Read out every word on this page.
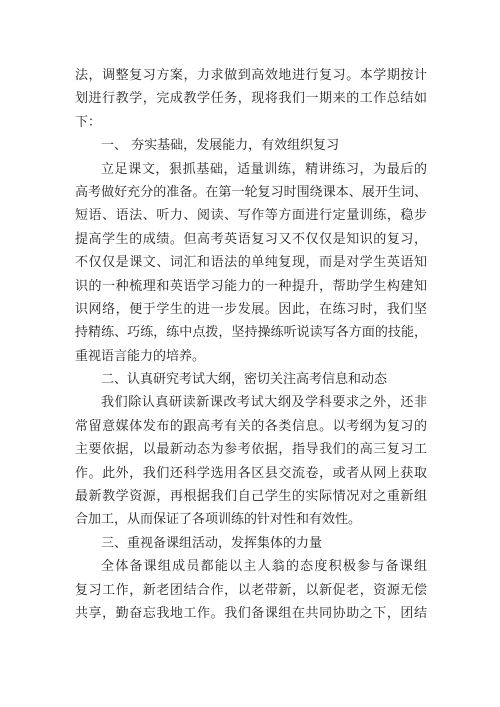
法，调整复习方案，力求做到高效地进行复习。本学期按计
划进行教学，完成教学任务，现将我们一期来的工作总结如
下：
一、 夯实基础，发展能力，有效组织复习
立足课文，狠抓基础，适量训练，精讲练习，为最后的
高考做好充分的准备。在第一轮复习时围绕课本、展开生词、
短语、语法、听力、阅读、写作等方面进行定量训练，稳步
提高学生的成绩。但高考英语复习又不仅仅是知识的复习，
不仅仅是课文、词汇和语法的单纯复现，而是对学生英语知
识的一种梳理和英语学习能力的一种提升，帮助学生构建知
识网络，便于学生的进一步发展。因此，在练习时，我们坚
持精练、巧练，练中点拨，坚持操练听说读写各方面的技能，
重视语言能力的培养。
二、认真研究考试大纲，密切关注高考信息和动态
我们除认真研读新课改考试大纲及学科要求之外，还非
常留意媒体发布的跟高考有关的各类信息。以考纲为复习的
主要依据，以最新动态为参考依据，指导我们的高三复习工
作。此外，我们还科学选用各区县交流卷，或者从网上获取
最新教学资源，再根据我们自己学生的实际情况对之重新组
合加工，从而保证了各项训练的针对性和有效性。
三、重视备课组活动，发挥集体的力量
全体备课组成员都能以主人翁的态度积极参与备课组
复习工作，新老团结合作，以老带新，以新促老，资源无偿
共享，勤奋忘我地工作。我们备课组在共同协助之下，团结
